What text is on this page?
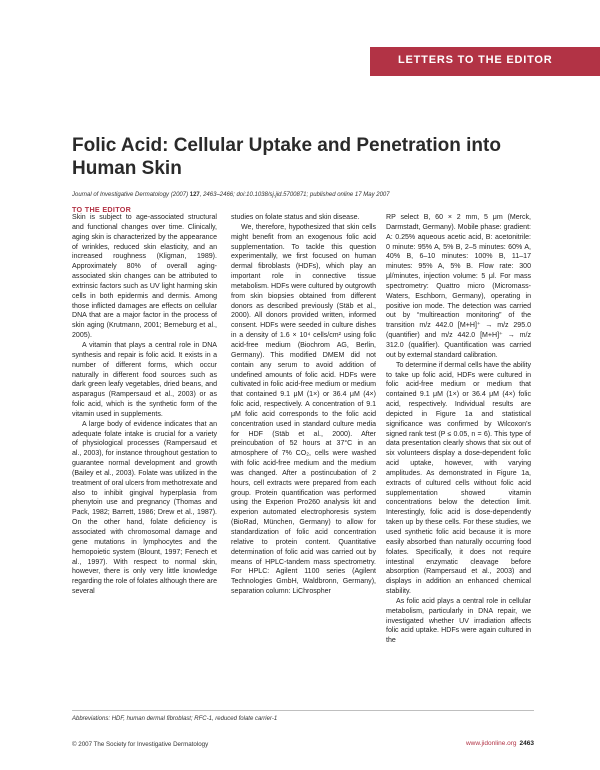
LETTERS TO THE EDITOR
Folic Acid: Cellular Uptake and Penetration into Human Skin

Journal of Investigative Dermatology (2007) 127, 2463–2466; doi:10.1038/sj.jid.5700871; published online 17 May 2007

TO THE EDITOR

Skin is subject to age-associated structural and functional changes over time. Clinically, aging skin is characterized by the appearance of wrinkles, reduced skin elasticity, and an increased roughness (Kligman, 1989). Approximately 80% of overall aging-associated skin changes can be attributed to extrinsic factors such as UV light harming skin cells in both epidermis and dermis. Among those inflicted damages are effects on cellular DNA that are a major factor in the process of skin aging (Krutmann, 2001; Berneburg et al., 2005).

A vitamin that plays a central role in DNA synthesis and repair is folic acid. It exists in a number of different forms, which occur naturally in different food sources such as dark green leafy vegetables, dried beans, and asparagus (Rampersaud et al., 2003) or as folic acid, which is the synthetic form of the vitamin used in supplements.

A large body of evidence indicates that an adequate folate intake is crucial for a variety of physiological processes (Rampersaud et al., 2003), for instance throughout gestation to guarantee normal development and growth (Bailey et al., 2003). Folate was utilized in the treatment of oral ulcers from methotrexate and also to inhibit gingival hyperplasia from phenytoin use and pregnancy (Thomas and Pack, 1982; Barrett, 1986; Drew et al., 1987). On the other hand, folate deficiency is associated with chromosomal damage and gene mutations in lymphocytes and the hemopoietic system (Blount, 1997; Fenech et al., 1997). With respect to normal skin, however, there is only very little knowledge regarding the role of folates although there are several

studies on folate status and skin disease.

We, therefore, hypothesized that skin cells might benefit from an exogenous folic acid supplementation. To tackle this question experimentally, we first focused on human dermal fibroblasts (HDFs), which play an important role in connective tissue metabolism. HDFs were cultured by outgrowth from skin biopsies obtained from different donors as described previously (Stäb et al., 2000). All donors provided written, informed consent. HDFs were seeded in culture dishes in a density of 1.6 × 10⁴ cells/cm² using folic acid-free medium (Biochrom AG, Berlin, Germany). This modified DMEM did not contain any serum to avoid addition of undefined amounts of folic acid. HDFs were cultivated in folic acid-free medium or medium that contained 9.1 μM (1×) or 36.4 μM (4×) folic acid, respectively. A concentration of 9.1 μM folic acid corresponds to the folic acid concentration used in standard culture media for HDF (Stäb et al., 2000). After preincubation of 52 hours at 37°C in an atmosphere of 7% CO₂, cells were washed with folic acid-free medium and the medium was changed. After a postincubation of 2 hours, cell extracts were prepared from each group. Protein quantification was performed using the Experion Pro260 analysis kit and experion automated electrophoresis system (BioRad, München, Germany) to allow for standardization of folic acid concentration relative to protein content. Quantitative determination of folic acid was carried out by means of HPLC-tandem mass spectrometry. For HPLC: Agilent 1100 series (Agilent Technologies GmbH, Waldbronn, Germany), separation column: LiChrospher

RP select B, 60 × 2 mm, 5 μm (Merck, Darmstadt, Germany). Mobile phase: gradient: A: 0.25% aqueous acetic acid, B: acetonitrile: 0 minute: 95% A, 5% B, 2–5 minutes: 60% A, 40% B, 6–10 minutes: 100% B, 11–17 minutes: 95% A, 5% B. Flow rate: 300 μl/minutes, injection volume: 5 μl. For mass spectrometry: Quattro micro (Micromass-Waters, Eschborn, Germany), operating in positive ion mode. The detection was carried out by “multireaction monitoring” of the transition m/z 442.0 [M+H]⁺ → m/z 295.0 (quantifier) and m/z 442.0 [M+H]⁺ → m/z 312.0 (qualifier). Quantification was carried out by external standard calibration.

To determine if dermal cells have the ability to take up folic acid, HDFs were cultured in folic acid-free medium or medium that contained 9.1 μM (1×) or 36.4 μM (4×) folic acid, respectively. Individual results are depicted in Figure 1a and statistical significance was confirmed by Wilcoxon’s signed rank test (P ≤ 0.05, n = 6). This type of data presentation clearly shows that six out of six volunteers display a dose-dependent folic acid uptake, however, with varying amplitudes. As demonstrated in Figure 1a, extracts of cultured cells without folic acid supplementation showed vitamin concentrations below the detection limit. Interestingly, folic acid is dose-dependently taken up by these cells. For these studies, we used synthetic folic acid because it is more easily absorbed than naturally occurring food folates. Specifically, it does not require intestinal enzymatic cleavage before absorption (Rampersaud et al., 2003) and displays in addition an enhanced chemical stability.

As folic acid plays a central role in cellular metabolism, particularly in DNA repair, we investigated whether UV irradiation affects folic acid uptake. HDFs were again cultured in the

Abbreviations: HDF, human dermal fibroblast; RFC-1, reduced folate carrier-1

© 2007 The Society for Investigative Dermatology	www.jidonline.org 2463
